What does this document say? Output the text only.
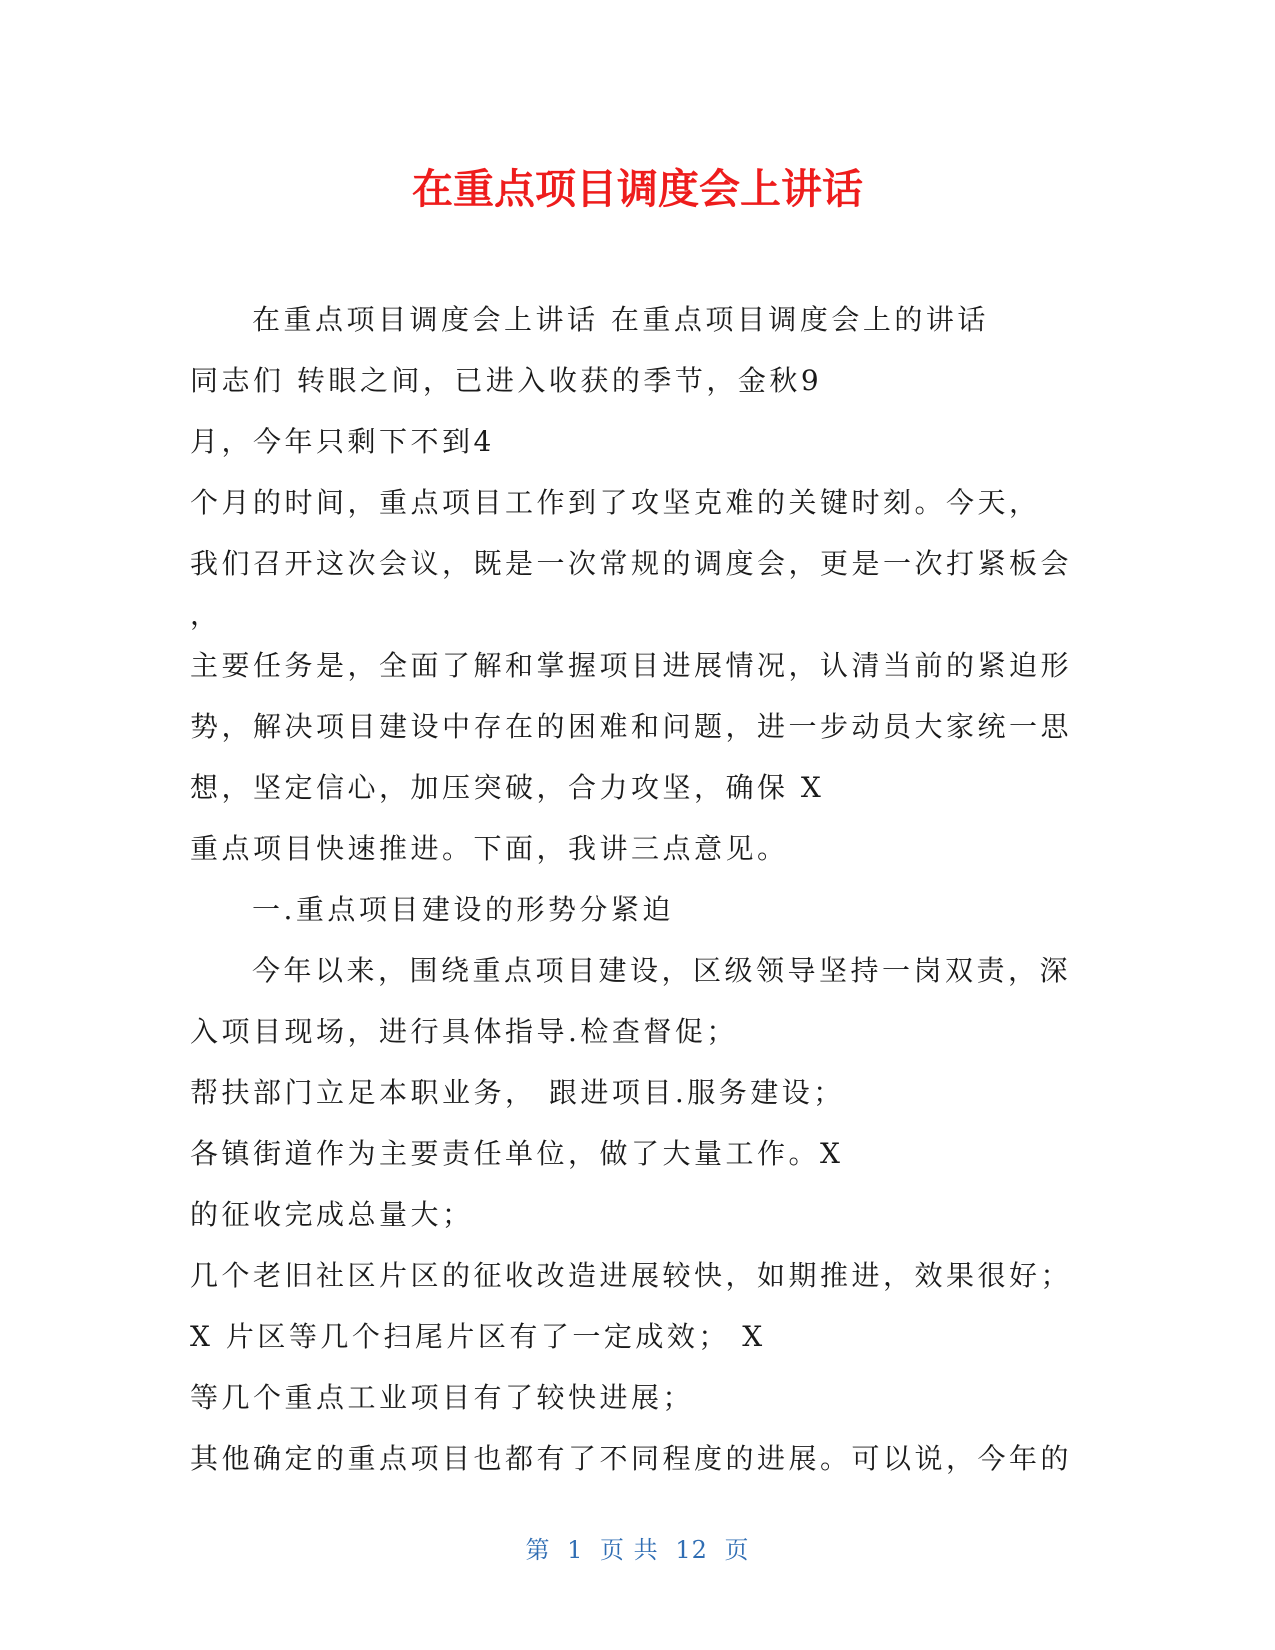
在重点项目调度会上讲话

在重点项目调度会上讲话 在重点项目调度会上的讲话

同志们 转眼之间，已进入收获的季节，金秋9

月，今年只剩下不到4

个月的时间，重点项目工作到了攻坚克难的关键时刻。今天，

我们召开这次会议，既是一次常规的调度会，更是一次打紧板会

，

主要任务是，全面了解和掌握项目进展情况，认清当前的紧迫形

势，解决项目建设中存在的困难和问题，进一步动员大家统一思

想，坚定信心，加压突破，合力攻坚，确保 X

重点项目快速推进。下面，我讲三点意见。

一.重点项目建设的形势分紧迫

今年以来，围绕重点项目建设，区级领导坚持一岗双责，深

入项目现场，进行具体指导.检查督促；

帮扶部门立足本职业务， 跟进项目.服务建设；

各镇街道作为主要责任单位，做了大量工作。X

的征收完成总量大；

几个老旧社区片区的征收改造进展较快，如期推进，效果很好；

X 片区等几个扫尾片区有了一定成效； X

等几个重点工业项目有了较快进展；

其他确定的重点项目也都有了不同程度的进展。可以说，今年的

第 1 页 共 12 页
